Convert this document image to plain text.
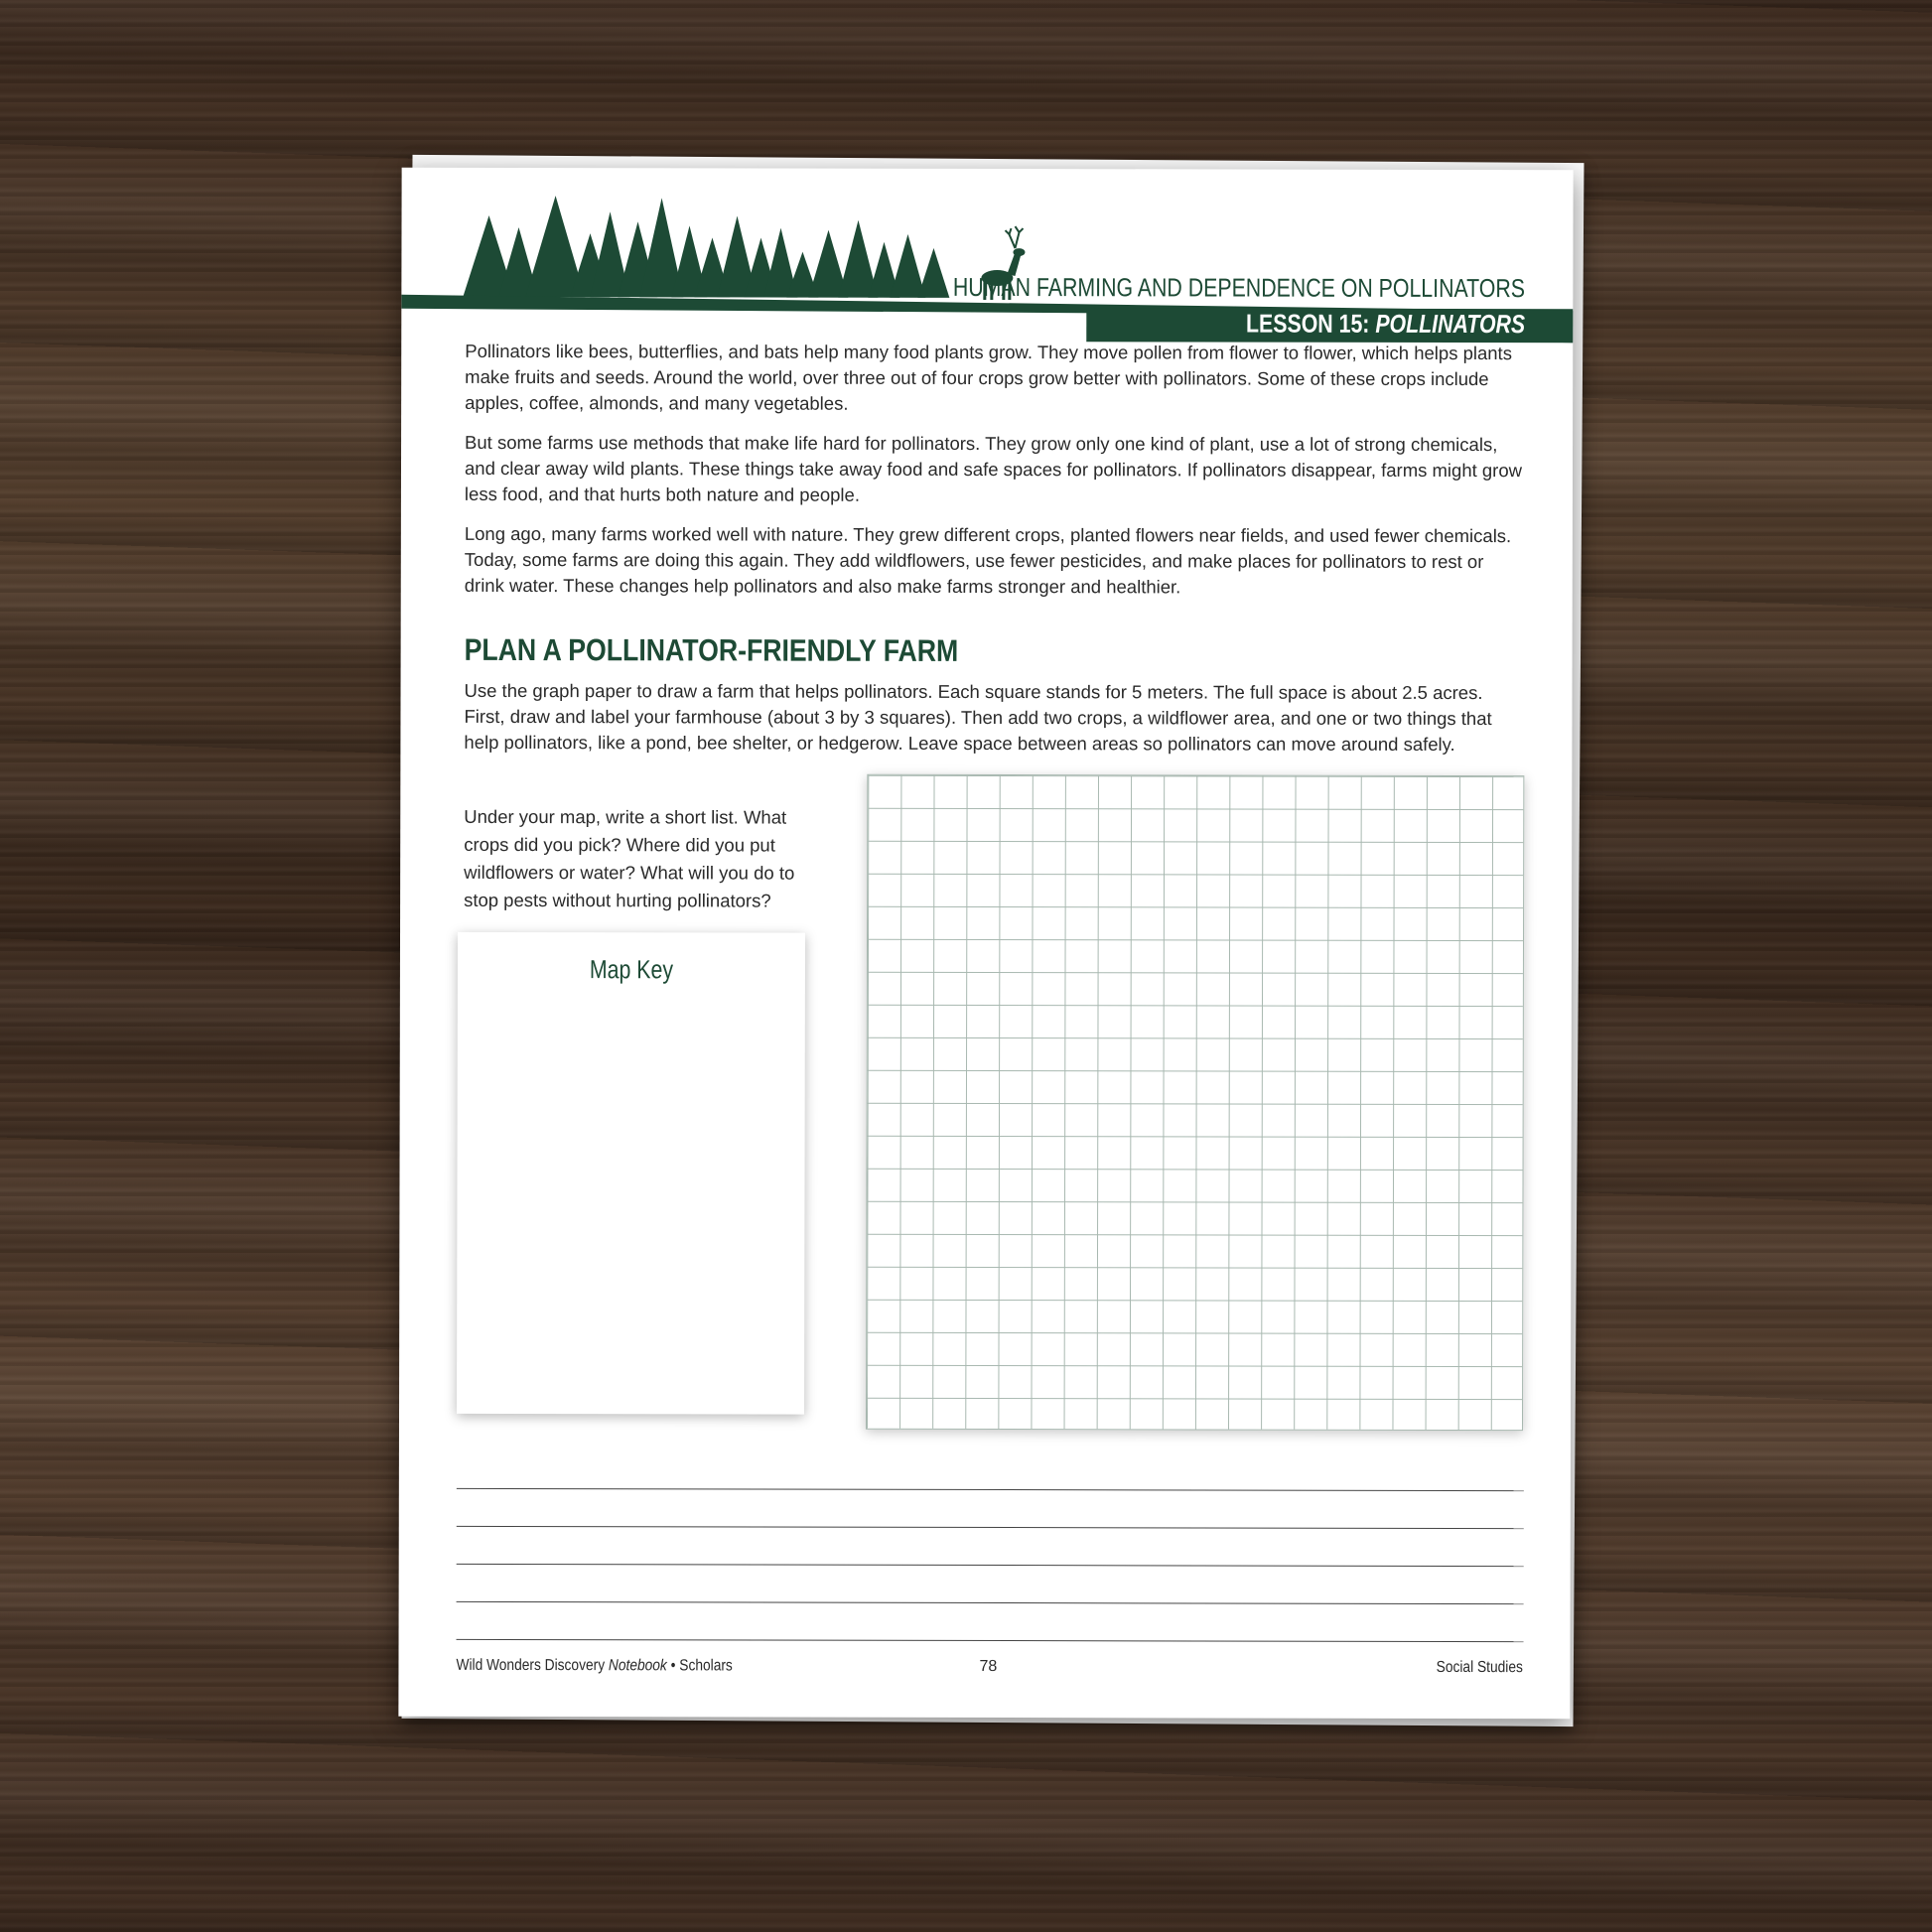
HUMAN FARMING AND DEPENDENCE ON POLLINATORS
LESSON 15: POLLINATORS

Pollinators like bees, butterflies, and bats help many food plants grow. They move pollen from flower to flower, which helps plants make fruits and seeds. Around the world, over three out of four crops grow better with pollinators. Some of these crops include apples, coffee, almonds, and many vegetables.

But some farms use methods that make life hard for pollinators. They grow only one kind of plant, use a lot of strong chemicals, and clear away wild plants. These things take away food and safe spaces for pollinators. If pollinators disappear, farms might grow less food, and that hurts both nature and people.

Long ago, many farms worked well with nature. They grew different crops, planted flowers near fields, and used fewer chemicals. Today, some farms are doing this again. They add wildflowers, use fewer pesticides, and make places for pollinators to rest or drink water. These changes help pollinators and also make farms stronger and healthier.

PLAN A POLLINATOR-FRIENDLY FARM

Use the graph paper to draw a farm that helps pollinators. Each square stands for 5 meters. The full space is about 2.5 acres. First, draw and label your farmhouse (about 3 by 3 squares). Then add two crops, a wildflower area, and one or two things that help pollinators, like a pond, bee shelter, or hedgerow. Leave space between areas so pollinators can move around safely.

Under your map, write a short list. What crops did you pick? Where did you put wildflowers or water? What will you do to stop pests without hurting pollinators?

Map Key
Wild Wonders Discovery Notebook • Scholars	78	Social Studies
